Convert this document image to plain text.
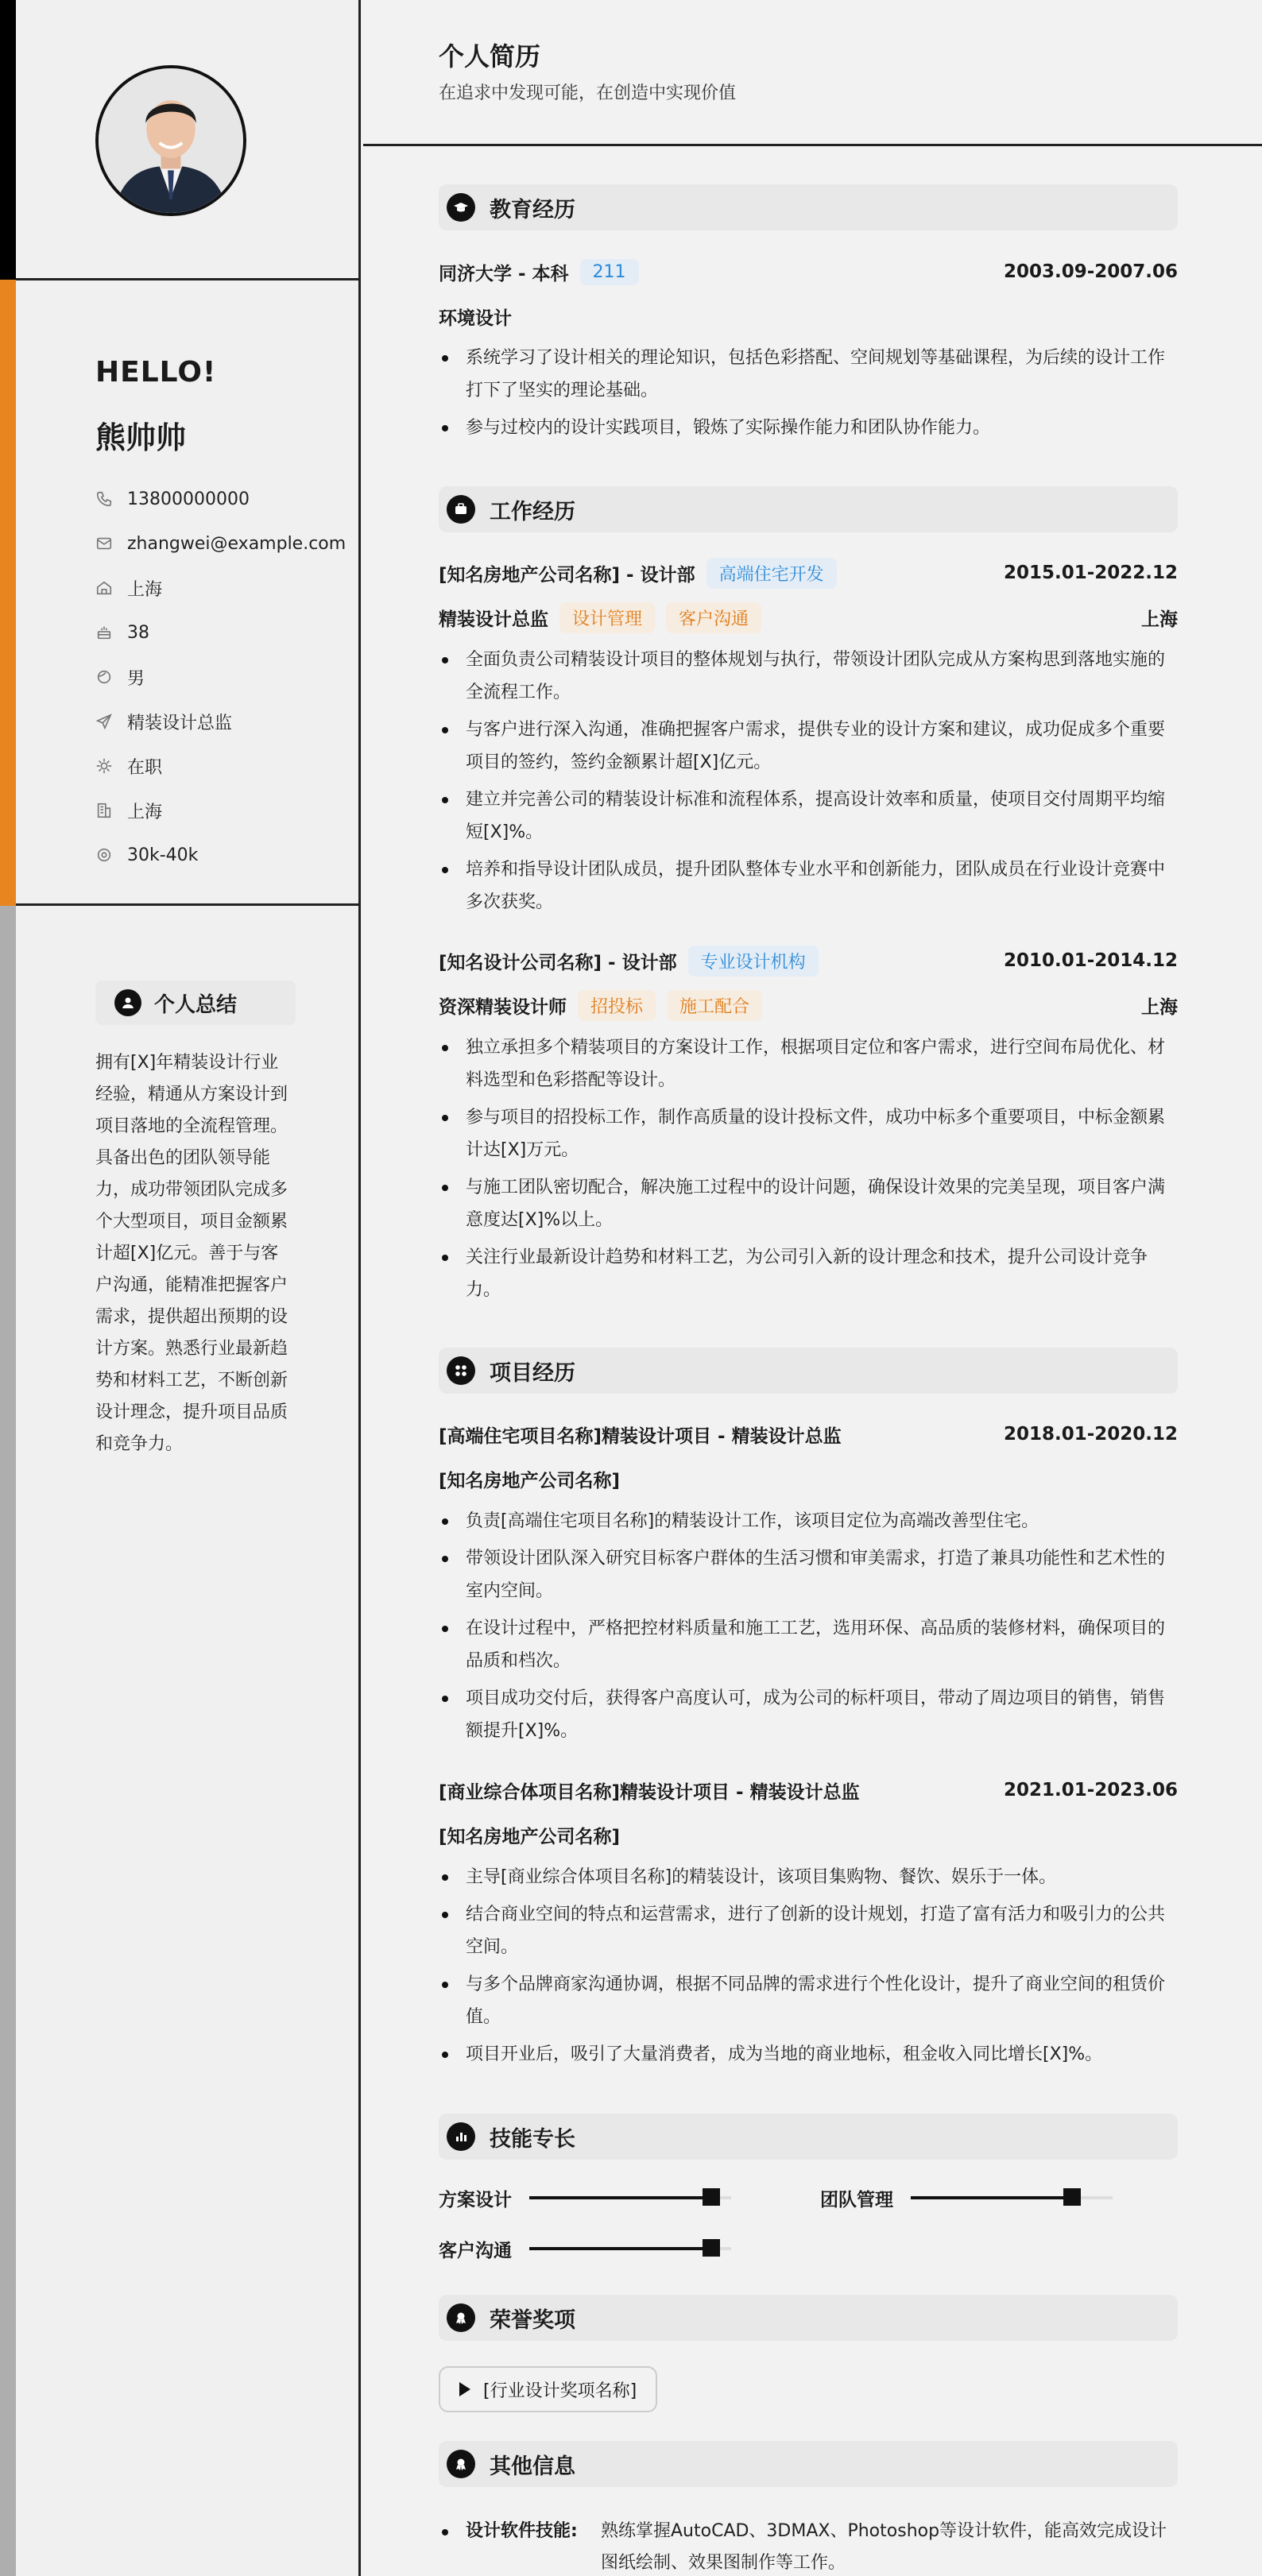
HELLO!
熊帅帅
13800000000
zhangwei@example.com
上海
38
男
精装设计总监
在职
上海
30k-40k
个人总结
拥有[X]年精装设计行业经验，精通从方案设计到项目落地的全流程管理。具备出色的团队领导能力，成功带领团队完成多个大型项目，项目金额累计超[X]亿元。善于与客户沟通，能精准把握客户需求，提供超出预期的设计方案。熟悉行业最新趋势和材料工艺，不断创新设计理念，提升项目品质和竞争力。
个人简历
在追求中发现可能，在创造中实现价值
教育经历
同济大学 - 本科	211	2003.09-2007.06
环境设计
系统学习了设计相关的理论知识，包括色彩搭配、空间规划等基础课程，为后续的设计工作打下了坚实的理论基础。
参与过校内的设计实践项目，锻炼了实际操作能力和团队协作能力。
工作经历
[知名房地产公司名称] - 设计部	高端住宅开发	2015.01-2022.12
精装设计总监	设计管理	客户沟通	上海
全面负责公司精装设计项目的整体规划与执行，带领设计团队完成从方案构思到落地实施的全流程工作。
与客户进行深入沟通，准确把握客户需求，提供专业的设计方案和建议，成功促成多个重要项目的签约，签约金额累计超[X]亿元。
建立并完善公司的精装设计标准和流程体系，提高设计效率和质量，使项目交付周期平均缩短[X]%。
培养和指导设计团队成员，提升团队整体专业水平和创新能力，团队成员在行业设计竞赛中多次获奖。
[知名设计公司名称] - 设计部	专业设计机构	2010.01-2014.12
资深精装设计师	招投标	施工配合	上海
独立承担多个精装项目的方案设计工作，根据项目定位和客户需求，进行空间布局优化、材料选型和色彩搭配等设计。
参与项目的招投标工作，制作高质量的设计投标文件，成功中标多个重要项目，中标金额累计达[X]万元。
与施工团队密切配合，解决施工过程中的设计问题，确保设计效果的完美呈现，项目客户满意度达[X]%以上。
关注行业最新设计趋势和材料工艺，为公司引入新的设计理念和技术，提升公司设计竞争力。
项目经历
[高端住宅项目名称]精装设计项目 - 精装设计总监	2018.01-2020.12
[知名房地产公司名称]
负责[高端住宅项目名称]的精装设计工作，该项目定位为高端改善型住宅。
带领设计团队深入研究目标客户群体的生活习惯和审美需求，打造了兼具功能性和艺术性的室内空间。
在设计过程中，严格把控材料质量和施工工艺，选用环保、高品质的装修材料，确保项目的品质和档次。
项目成功交付后，获得客户高度认可，成为公司的标杆项目，带动了周边项目的销售，销售额提升[X]%。
[商业综合体项目名称]精装设计项目 - 精装设计总监	2021.01-2023.06
[知名房地产公司名称]
主导[商业综合体项目名称]的精装设计，该项目集购物、餐饮、娱乐于一体。
结合商业空间的特点和运营需求，进行了创新的设计规划，打造了富有活力和吸引力的公共空间。
与多个品牌商家沟通协调，根据不同品牌的需求进行个性化设计，提升了商业空间的租赁价值。
项目开业后，吸引了大量消费者，成为当地的商业地标，租金收入同比增长[X]%。
技能专长
方案设计	团队管理
客户沟通
荣誉奖项
[行业设计奖项名称]
其他信息
设计软件技能:	熟练掌握AutoCAD、3DMAX、Photoshop等设计软件，能高效完成设计图纸绘制、效果图制作等工作。
